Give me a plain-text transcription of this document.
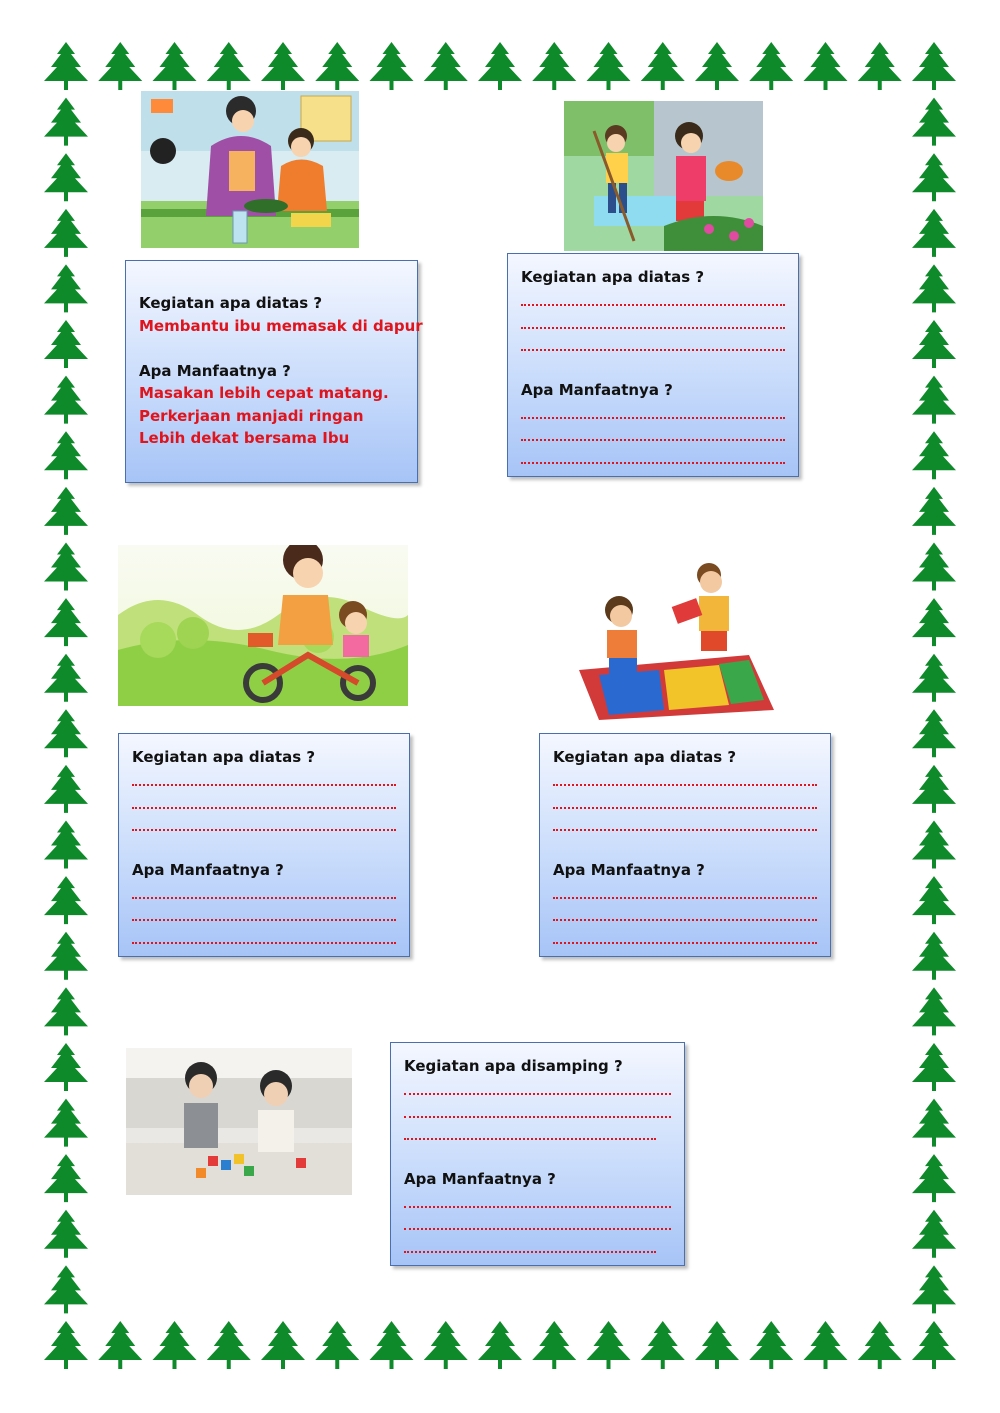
Kegiatan apa diatas ?
Membantu ibu memasak di dapur
Apa Manfaatnya ?
Masakan lebih cepat matang.
Perkerjaan manjadi ringan
Lebih dekat bersama Ibu
Kegiatan apa diatas ?
Apa Manfaatnya ?
Kegiatan apa diatas ?
Apa Manfaatnya ?
Kegiatan apa diatas ?
Apa Manfaatnya ?
Kegiatan apa disamping ?
Apa Manfaatnya ?
